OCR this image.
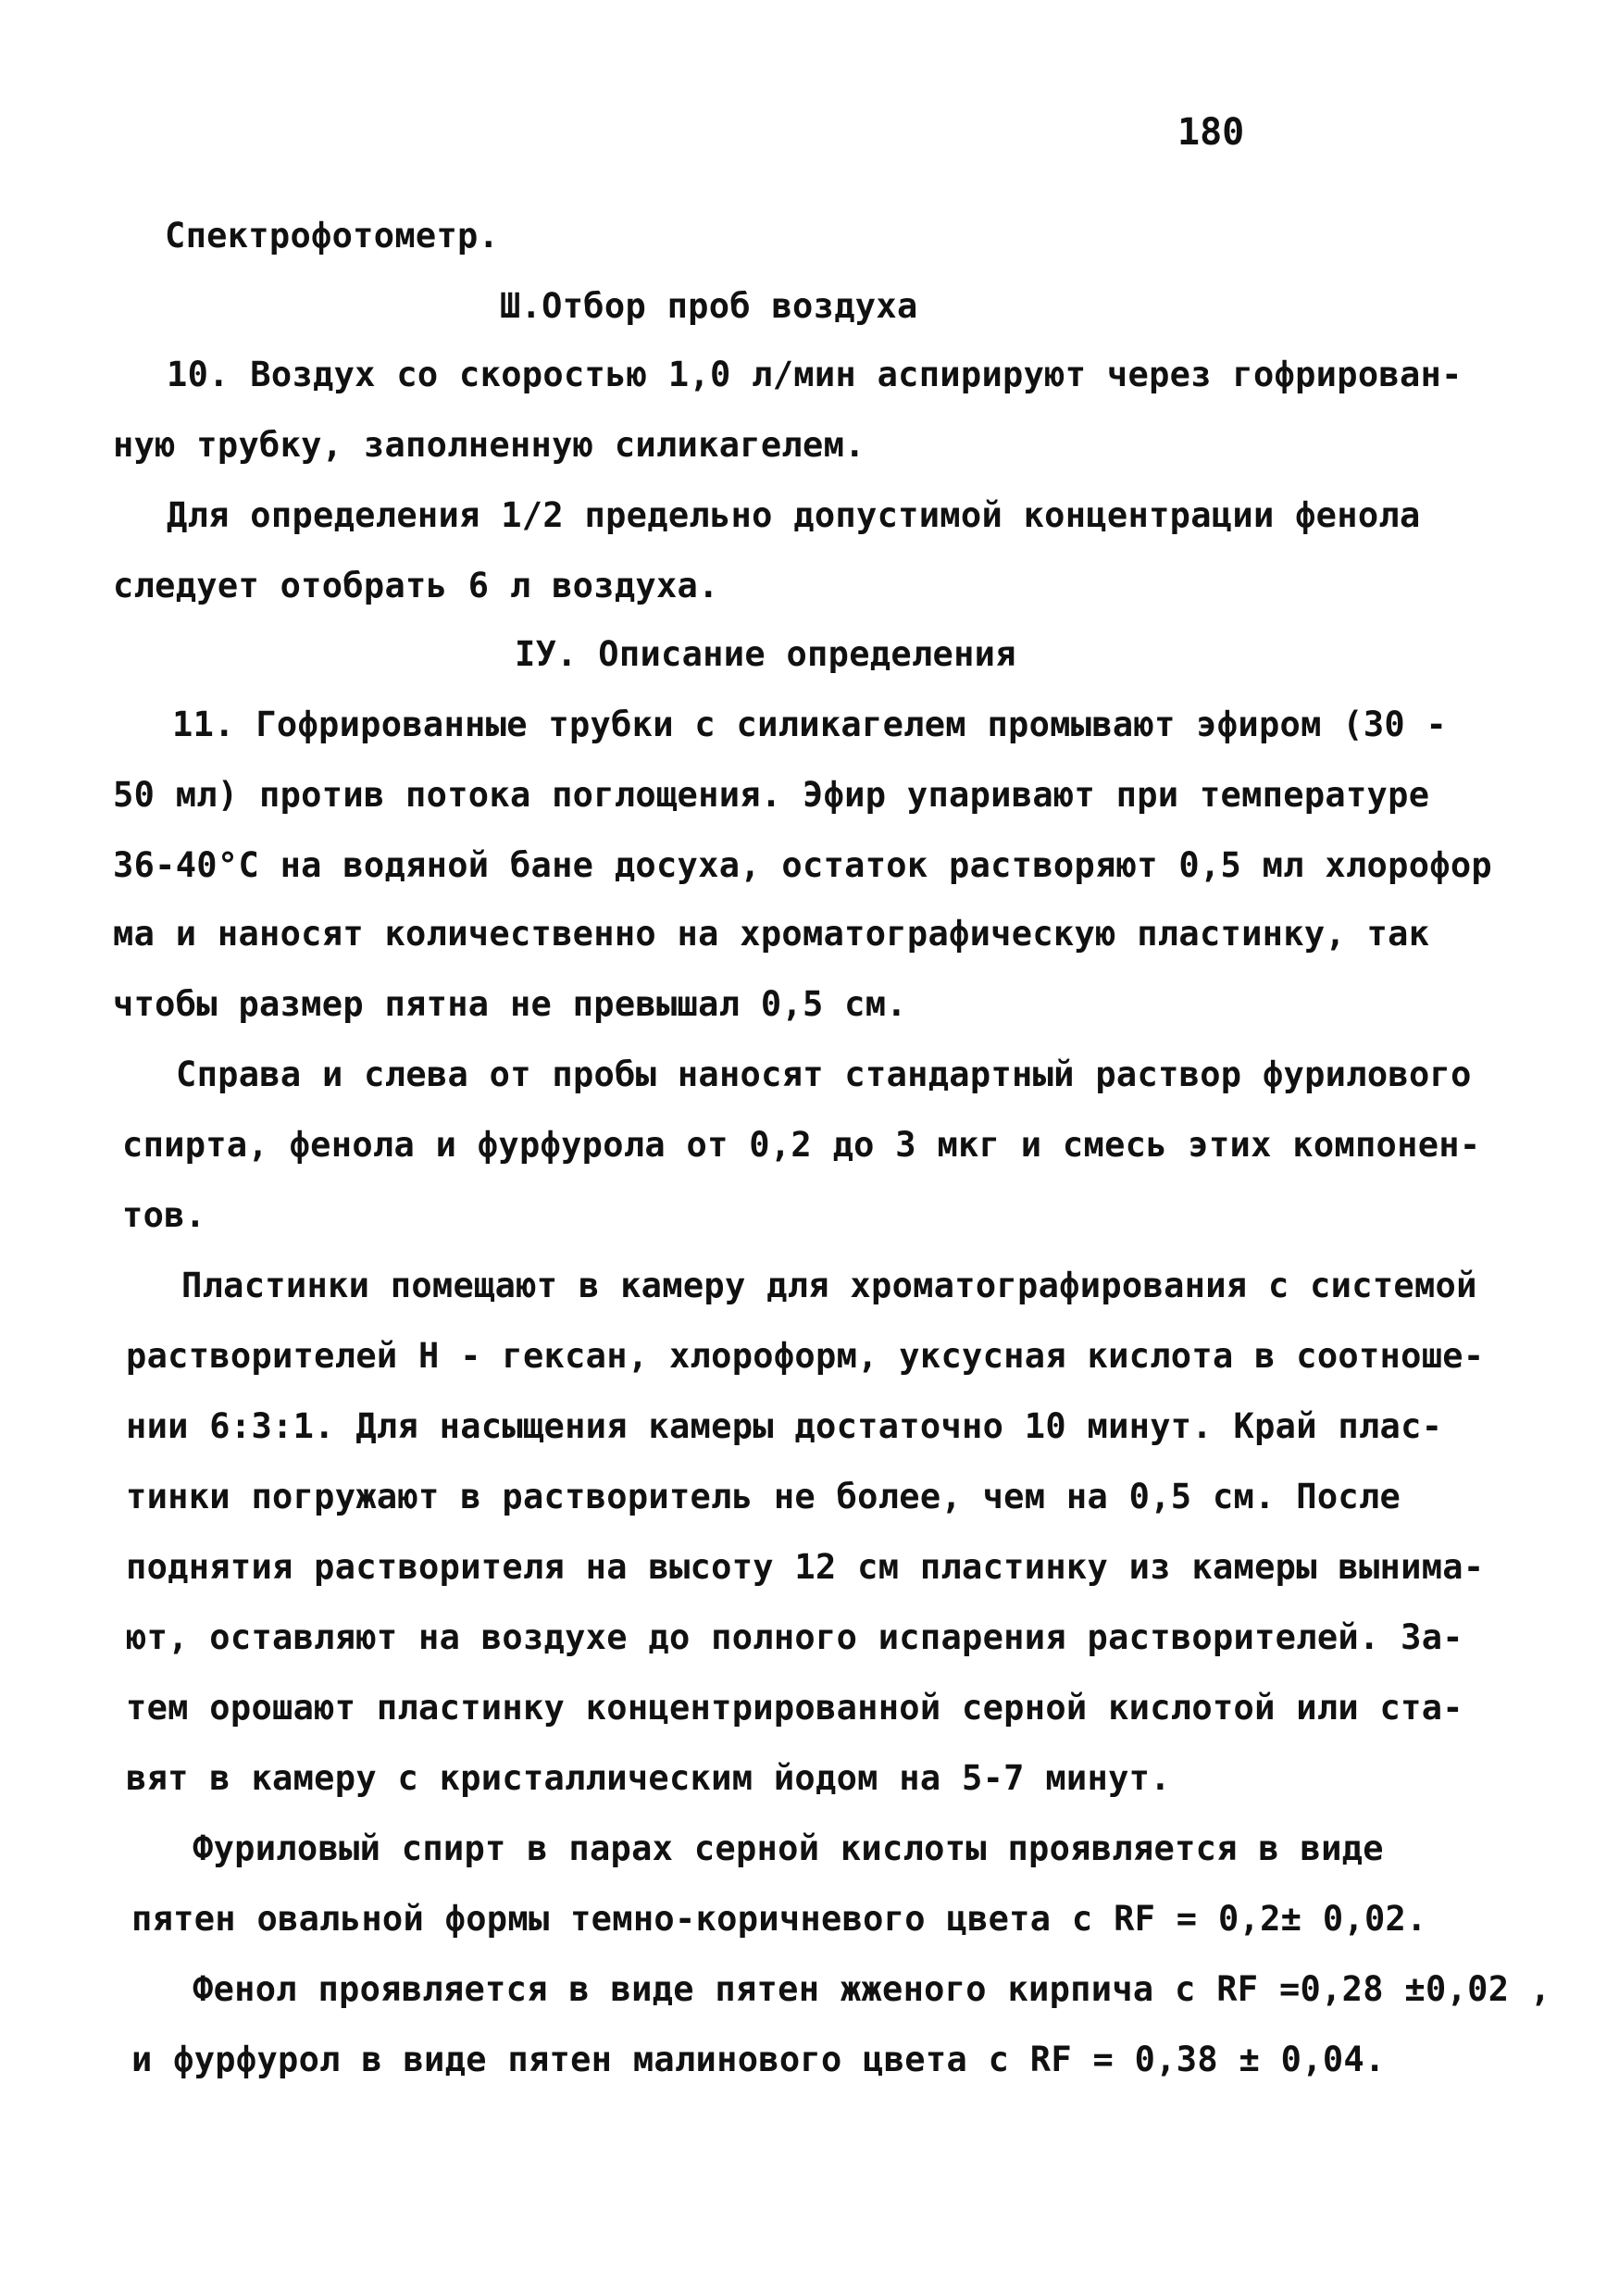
180
Спектрофотометр.
Ш.Отбор проб воздуха
10. Воздух со скоростью 1,0 л/мин аспирируют через гофрирован-
ную трубку, заполненную силикагелем.
Для определения 1/2 предельно допустимой концентрации фенола
следует отобрать 6 л воздуха.
IУ. Описание определения
11. Гофрированные трубки с силикагелем промывают эфиром (30 -
50 мл) против потока поглощения. Эфир упаривают при температуре
36-40°С на водяной бане досуха, остаток растворяют 0,5 мл хлорофор
ма и наносят количественно на хроматографическую пластинку, так
чтобы размер пятна не превышал 0,5 см.
Справа и слева от пробы наносят стандартный раствор фурилового
спирта, фенола и фурфурола от 0,2 до 3 мкг и смесь этих компонен-
тов.
Пластинки помещают в камеру для хроматографирования с системой
растворителей Н - гексан, хлороформ, уксусная кислота в соотноше-
нии 6:3:1. Для насыщения камеры достаточно 10 минут. Край плас-
тинки погружают в растворитель не более, чем на 0,5 см. После
поднятия растворителя на высоту 12 см пластинку из камеры вынима-
ют, оставляют на воздухе до полного испарения растворителей. За-
тем орошают пластинку концентрированной серной кислотой или ста-
вят в камеру с кристаллическим йодом на 5-7 минут.
Фуриловый спирт в парах серной кислоты проявляется в виде
пятен овальной формы темно-коричневого цвета с RF = 0,2± 0,02.
Фенол проявляется в виде пятен жженого кирпича с RF =0,28 ±0,02 ,
и фурфурол в виде пятен малинового цвета с RF = 0,38 ± 0,04.
